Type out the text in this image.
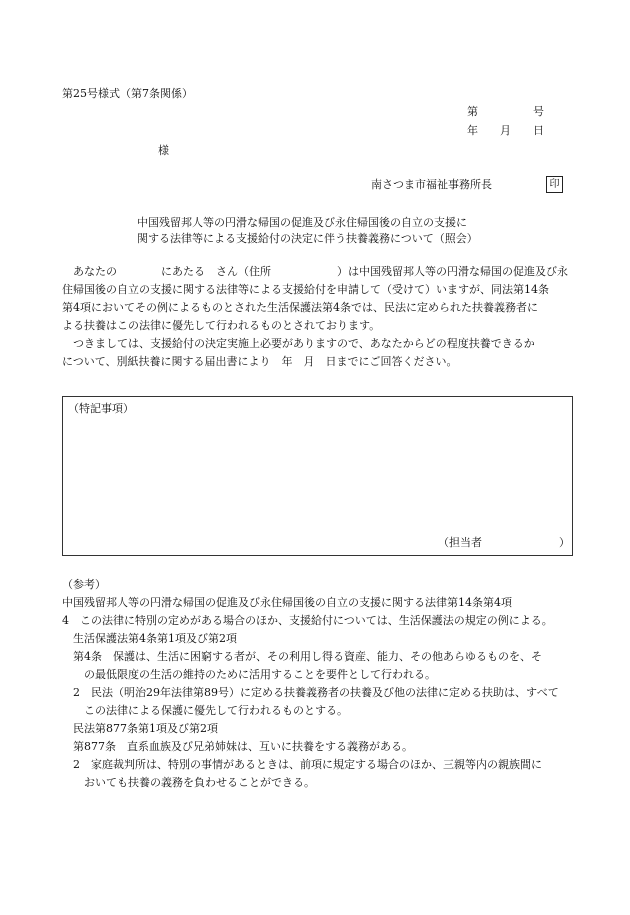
第25号様式（第7条関係）
第　　　　　号
年　　月　　日
様
南さつま市福祉事務所長	印
中国残留邦人等の円滑な帰国の促進及び永住帰国後の自立の支援に
関する法律等による支援給付の決定に伴う扶養義務について（照会）

　あなたの　　　　にあたる　さん（住所　　　　　　）は中国残留邦人等の円滑な帰国の促進及び永

住帰国後の自立の支援に関する法律等による支援給付を申請して（受けて）いますが、同法第14条

第4項においてその例によるものとされた生活保護法第4条では、民法に定められた扶養義務者に

よる扶養はこの法律に優先して行われるものとされております。

　つきましては、支援給付の決定実施上必要がありますので、あなたからどの程度扶養できるか

について、別紙扶養に関する届出書により　年　月　日までにご回答ください。

（特記事項）
（担当者　　　　　　　）
（参考）
中国残留邦人等の円滑な帰国の促進及び永住帰国後の自立の支援に関する法律第14条第4項
4　この法律に特別の定めがある場合のほか、支援給付については、生活保護法の規定の例による。
　生活保護法第4条第1項及び第2項
　第4条　保護は、生活に困窮する者が、その利用し得る資産、能力、その他あらゆるものを、そ
　　の最低限度の生活の維持のために活用することを要件として行われる。
　2　民法（明治29年法律第89号）に定める扶養義務者の扶養及び他の法律に定める扶助は、すべて
　　この法律による保護に優先して行われるものとする。
　民法第877条第1項及び第2項
　第877条　直系血族及び兄弟姉妹は、互いに扶養をする義務がある。
　2　家庭裁判所は、特別の事情があるときは、前項に規定する場合のほか、三親等内の親族間に
　　おいても扶養の義務を負わせることができる。
